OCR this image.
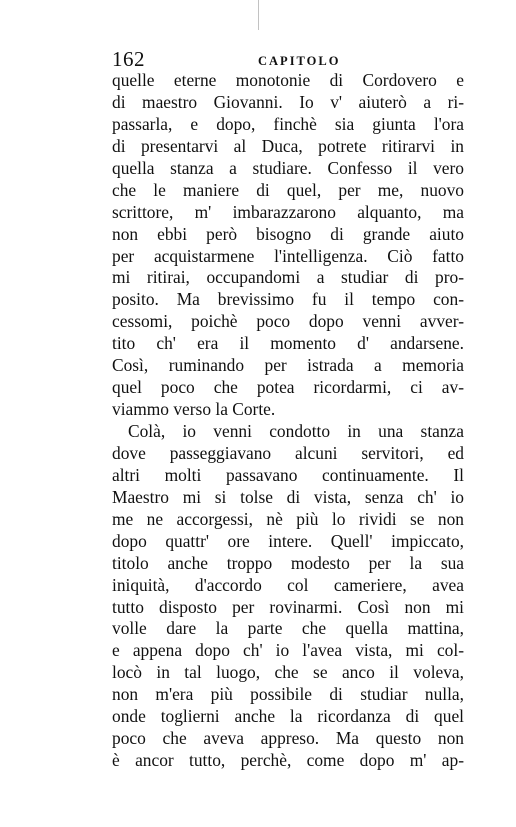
162	CAPITOLO
quelle eterne monotonie di Cordovero e
di maestro Giovanni. Io v' aiuterò a ri-
passarla, e dopo, finchè sia giunta l'ora
di presentarvi al Duca, potrete ritirarvi in
quella stanza a studiare. Confesso il vero
che le maniere di quel, per me, nuovo
scrittore, m' imbarazzarono alquanto, ma
non ebbi però bisogno di grande aiuto
per acquistarmene l'intelligenza. Ciò fatto
mi ritirai, occupandomi a studiar di pro-
posito. Ma brevissimo fu il tempo con-
cessomi, poichè poco dopo venni avver-
tito ch' era il momento d' andarsene.
Così, ruminando per istrada a memoria
quel poco che potea ricordarmi, ci av-
viammo verso la Corte.
Colà, io venni condotto in una stanza
dove passeggiavano alcuni servitori, ed
altri molti passavano continuamente. Il
Maestro mi si tolse di vista, senza ch' io
me ne accorgessi, nè più lo rividi se non
dopo quattr' ore intere. Quell' impiccato,
titolo anche troppo modesto per la sua
iniquità, d'accordo col cameriere, avea
tutto disposto per rovinarmi. Così non mi
volle dare la parte che quella mattina,
e appena dopo ch' io l'avea vista, mi col-
locò in tal luogo, che se anco il voleva,
non m'era più possibile di studiar nulla,
onde toglierni anche la ricordanza di quel
poco che aveva appreso. Ma questo non
è ancor tutto, perchè, come dopo m' ap-
